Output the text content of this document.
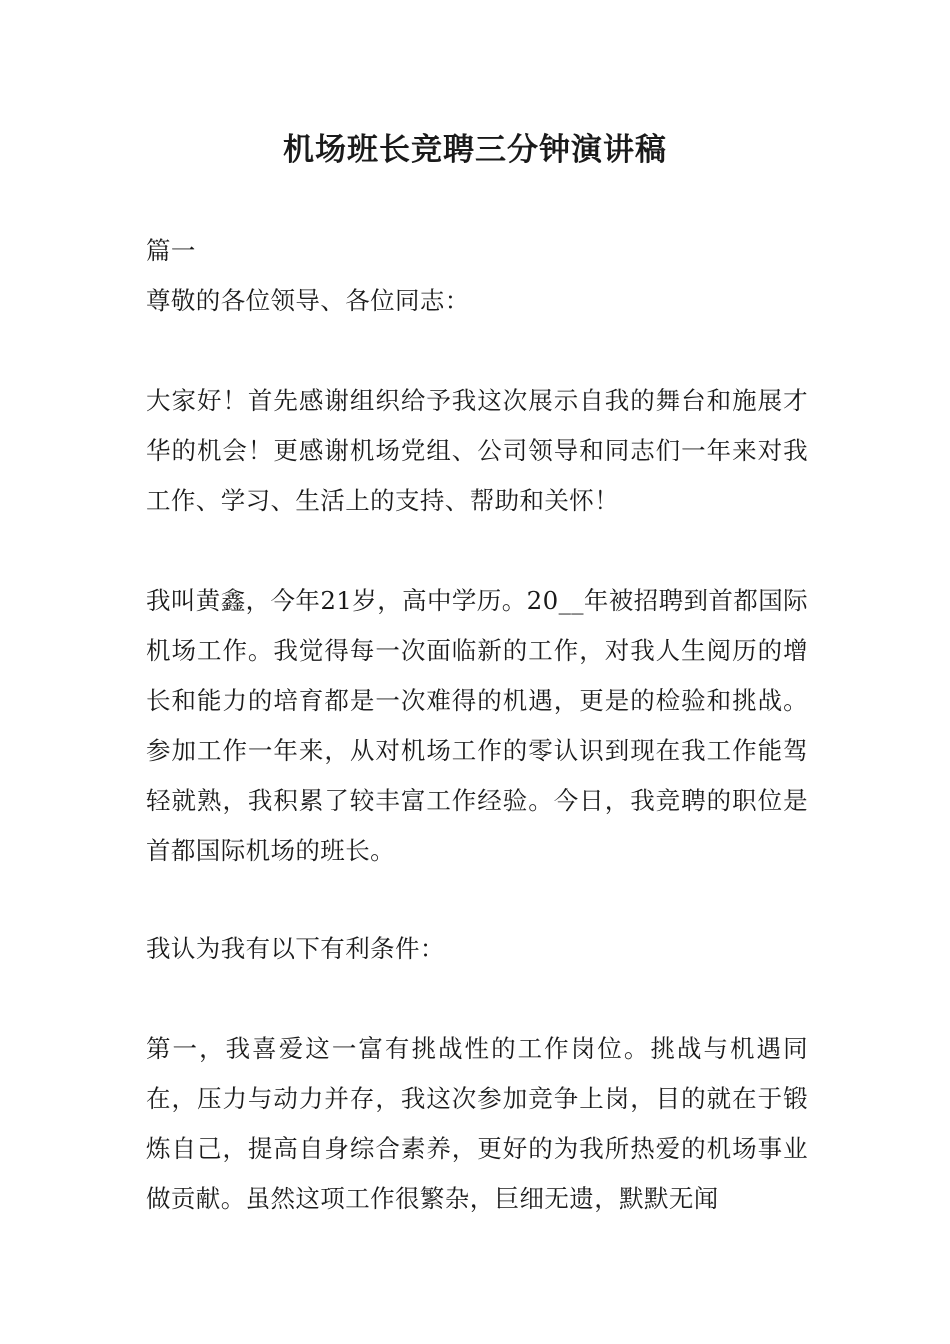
机场班长竞聘三分钟演讲稿

篇一

尊敬的各位领导、各位同志：

大家好！首先感谢组织给予我这次展示自我的舞台和施展才华的机会！更感谢机场党组、公司领导和同志们一年来对我工作、学习、生活上的支持、帮助和关怀！

我叫黄鑫，今年21岁，高中学历。20__年被招聘到首都国际机场工作。我觉得每一次面临新的工作，对我人生阅历的增长和能力的培育都是一次难得的机遇，更是的检验和挑战。参加工作一年来，从对机场工作的零认识到现在我工作能驾轻就熟，我积累了较丰富工作经验。今日，我竞聘的职位是首都国际机场的班长。

我认为我有以下有利条件：

第一，我喜爱这一富有挑战性的工作岗位。挑战与机遇同在，压力与动力并存，我这次参加竞争上岗，目的就在于锻炼自己，提高自身综合素养，更好的为我所热爱的机场事业做贡献。虽然这项工作很繁杂，巨细无遗，默默无闻
